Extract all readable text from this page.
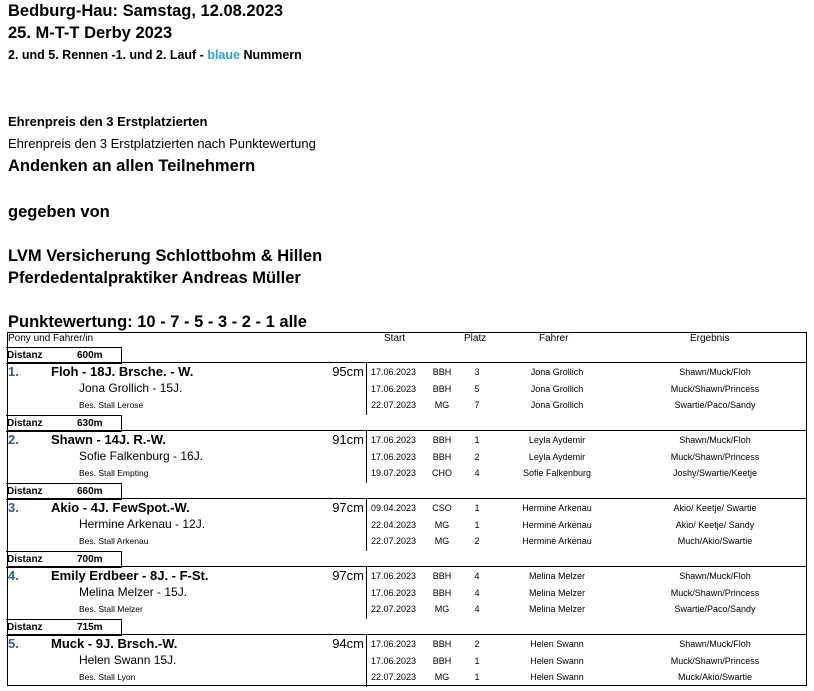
Bedburg-Hau: Samstag, 12.08.2023
25. M-T-T Derby 2023
2. und 5. Rennen -1. und 2. Lauf - blaue Nummern
Ehrenpreis den 3 Erstplatzierten
Ehrenpreis den 3 Erstplatzierten nach Punktewertung
Andenken an allen Teilnehmern
gegeben von
LVM Versicherung Schlottbohm & Hillen
Pferdedentalpraktiker Andreas Müller
Punktewertung: 10 - 7 - 5 - 3 - 2 - 1 alle
Pony und Fahrer/in	Start	Platz	Fahrer	Ergebnis
Distanz	600m
1. Floh - 18J. Brsche. - W.	95cm
Jona Grollich - 15J.
Bes. Stall Lerose
17.06.2023	BBH	3	Jona Grollich	Shawn/Muck/Floh
17.06.2023	BBH	5	Jona Grollich	Muck/Shawn/Princess
22.07.2023	MG	7	Jona Grollich	Swartie/Paco/Sandy
Distanz	630m
2. Shawn - 14J. R.-W.	91cm
Sofie Falkenburg - 16J.
Bes. Stall Empting
17.06.2023	BBH	1	Leyla Aydemir	Shawn/Muck/Floh
17.06.2023	BBH	2	Leyla Aydemir	Muck/Shawn/Princess
19.07.2023	CHO	4	Sofie Falkenburg	Joshy/Swartie/Keetje
Distanz	660m
3. Akio - 4J. FewSpot.-W.	97cm
Hermine Arkenau - 12J.
Bes. Stall Arkenau
09.04.2023	CSO	1	Hermine Arkenau	Akio/ Keetje/ Swartie
22.04.2023	MG	1	Hermine Arkenau	Akio/ Keetje/ Sandy
22.07.2023	MG	2	Hermine Arkenau	Much/Akio/Swartie
Distanz	700m
4. Emily Erdbeer - 8J. - F-St.	97cm
Melina Melzer - 15J.
Bes. Stall Melzer
17.06.2023	BBH	4	Melina Melzer	Shawn/Muck/Floh
17.06.2023	BBH	4	Melina Melzer	Muck/Shawn/Princess
22.07.2023	MG	4	Melina Melzer	Swartie/Paco/Sandy
Distanz	715m
5. Muck - 9J. Brsch.-W.	94cm
Helen Swann 15J.
Bes. Stall Lyon
17.06.2023	BBH	2	Helen Swann	Shawn/Muck/Floh
17.06.2023	BBH	1	Helen Swann	Muck/Shawn/Princess
22.07.2023	MG	1	Helen Swann	Muck/Akio/Swartie
